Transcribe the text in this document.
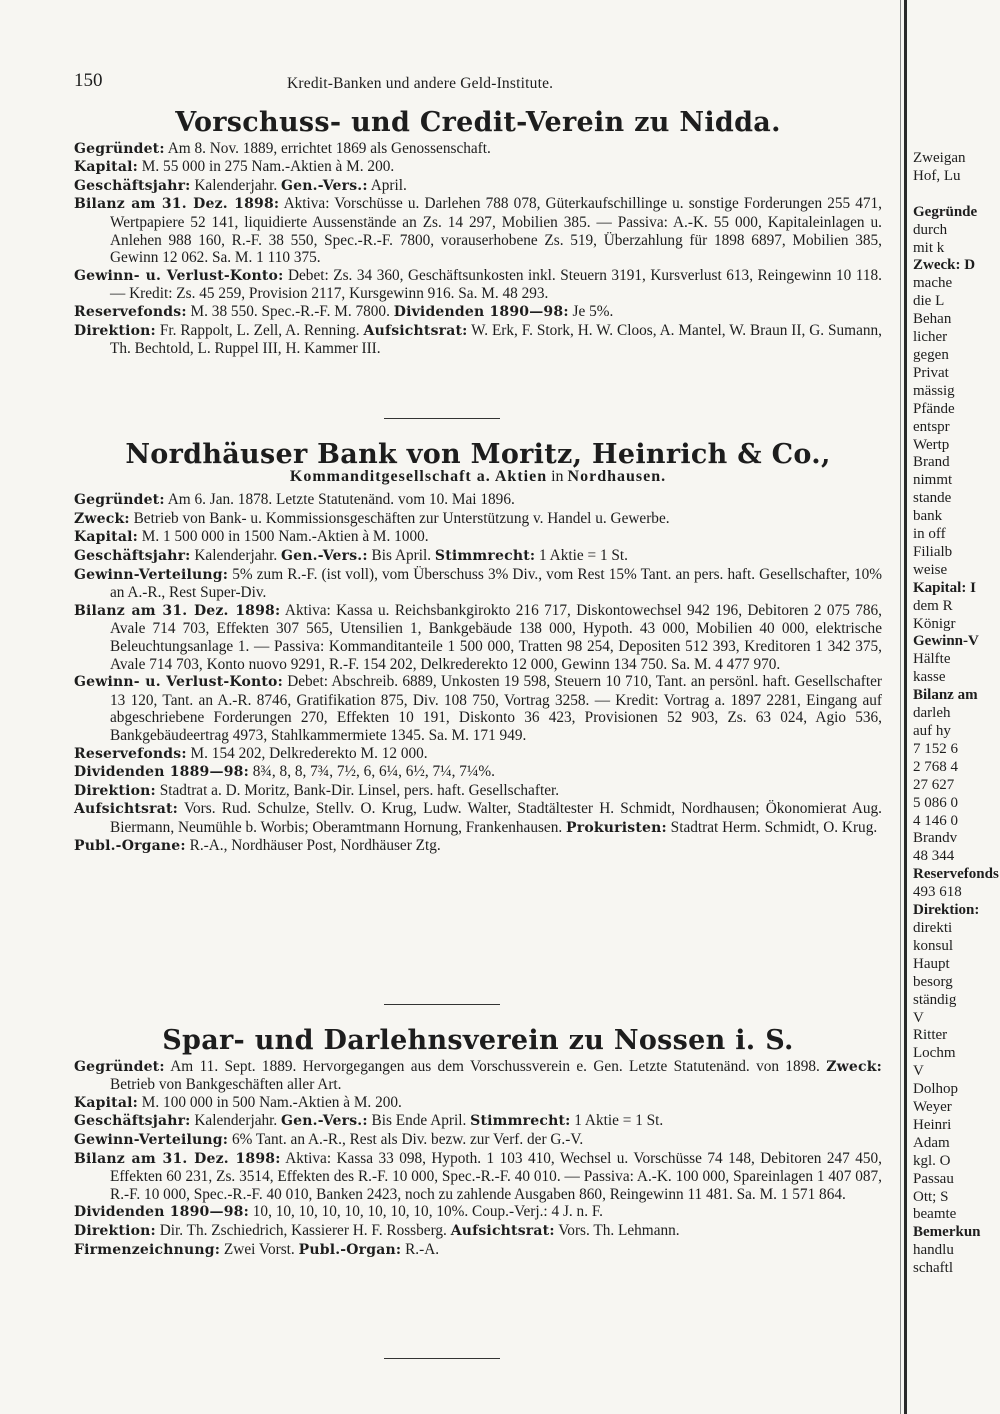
150	Kredit-Banken und andere Geld-Institute.
Vorschuss- und Credit-Verein zu Nidda.

Gegründet: Am 8. Nov. 1889, errichtet 1869 als Genossenschaft.

Kapital: M. 55 000 in 275 Nam.-Aktien à M. 200.

Geschäftsjahr: Kalenderjahr. Gen.-Vers.: April.

Bilanz am 31. Dez. 1898: Aktiva: Vorschüsse u. Darlehen 788 078, Güterkaufschillinge u. sonstige Forderungen 255 471, Wertpapiere 52 141, liquidierte Aussenstände an Zs. 14 297, Mobilien 385. — Passiva: A.-K. 55 000, Kapitaleinlagen u. Anlehen 988 160, R.-F. 38 550, Spec.-R.-F. 7800, vorauserhobene Zs. 519, Überzahlung für 1898 6897, Mobilien 385, Gewinn 12 062. Sa. M. 1 110 375.

Gewinn- u. Verlust-Konto: Debet: Zs. 34 360, Geschäftsunkosten inkl. Steuern 3191, Kursverlust 613, Reingewinn 10 118. — Kredit: Zs. 45 259, Provision 2117, Kursgewinn 916. Sa. M. 48 293.

Reservefonds: M. 38 550. Spec.-R.-F. M. 7800. Dividenden 1890—98: Je 5%.

Direktion: Fr. Rappolt, L. Zell, A. Renning. Aufsichtsrat: W. Erk, F. Stork, H. W. Cloos, A. Mantel, W. Braun II, G. Sumann, Th. Bechtold, L. Ruppel III, H. Kammer III.

Nordhäuser Bank von Moritz, Heinrich & Co.,
Kommanditgesellschaft a. Aktien in Nordhausen.

Gegründet: Am 6. Jan. 1878. Letzte Statutenänd. vom 10. Mai 1896.

Zweck: Betrieb von Bank- u. Kommissionsgeschäften zur Unterstützung v. Handel u. Gewerbe.

Kapital: M. 1 500 000 in 1500 Nam.-Aktien à M. 1000.

Geschäftsjahr: Kalenderjahr. Gen.-Vers.: Bis April. Stimmrecht: 1 Aktie = 1 St.

Gewinn-Verteilung: 5% zum R.-F. (ist voll), vom Überschuss 3% Div., vom Rest 15% Tant. an pers. haft. Gesellschafter, 10% an A.-R., Rest Super-Div.

Bilanz am 31. Dez. 1898: Aktiva: Kassa u. Reichsbankgirokto 216 717, Diskontowechsel 942 196, Debitoren 2 075 786, Avale 714 703, Effekten 307 565, Utensilien 1, Bankgebäude 138 000, Hypoth. 43 000, Mobilien 40 000, elektrische Beleuchtungsanlage 1. — Passiva: Kommanditanteile 1 500 000, Tratten 98 254, Depositen 512 393, Kreditoren 1 342 375, Avale 714 703, Konto nuovo 9291, R.-F. 154 202, Delkrederekto 12 000, Gewinn 134 750. Sa. M. 4 477 970.

Gewinn- u. Verlust-Konto: Debet: Abschreib. 6889, Unkosten 19 598, Steuern 10 710, Tant. an persönl. haft. Gesellschafter 13 120, Tant. an A.-R. 8746, Gratifikation 875, Div. 108 750, Vortrag 3258. — Kredit: Vortrag a. 1897 2281, Eingang auf abgeschriebene Forderungen 270, Effekten 10 191, Diskonto 36 423, Provisionen 52 903, Zs. 63 024, Agio 536, Bankgebäudeertrag 4973, Stahlkammermiete 1345. Sa. M. 171 949.

Reservefonds: M. 154 202, Delkrederekto M. 12 000.

Dividenden 1889—98: 8¾, 8, 8, 7¾, 7½, 6, 6¼, 6½, 7¼, 7¼%.

Direktion: Stadtrat a. D. Moritz, Bank-Dir. Linsel, pers. haft. Gesellschafter.

Aufsichtsrat: Vors. Rud. Schulze, Stellv. O. Krug, Ludw. Walter, Stadtältester H. Schmidt, Nordhausen; Ökonomierat Aug. Biermann, Neumühle b. Worbis; Oberamtmann Hornung, Frankenhausen. Prokuristen: Stadtrat Herm. Schmidt, O. Krug.

Publ.-Organe: R.-A., Nordhäuser Post, Nordhäuser Ztg.

Spar- und Darlehnsverein zu Nossen i. S.

Gegründet: Am 11. Sept. 1889. Hervorgegangen aus dem Vorschussverein e. Gen. Letzte Statutenänd. von 1898. Zweck: Betrieb von Bankgeschäften aller Art.

Kapital: M. 100 000 in 500 Nam.-Aktien à M. 200.

Geschäftsjahr: Kalenderjahr. Gen.-Vers.: Bis Ende April. Stimmrecht: 1 Aktie = 1 St.

Gewinn-Verteilung: 6% Tant. an A.-R., Rest als Div. bezw. zur Verf. der G.-V.

Bilanz am 31. Dez. 1898: Aktiva: Kassa 33 098, Hypoth. 1 103 410, Wechsel u. Vorschüsse 74 148, Debitoren 247 450, Effekten 60 231, Zs. 3514, Effekten des R.-F. 10 000, Spec.-R.-F. 40 010. — Passiva: A.-K. 100 000, Spareinlagen 1 407 087, R.-F. 10 000, Spec.-R.-F. 40 010, Banken 2423, noch zu zahlende Ausgaben 860, Reingewinn 11 481. Sa. M. 1 571 864.

Dividenden 1890—98: 10, 10, 10, 10, 10, 10, 10, 10, 10%. Coup.-Verj.: 4 J. n. F.

Direktion: Dir. Th. Zschiedrich, Kassierer H. F. Rossberg. Aufsichtsrat: Vors. Th. Lehmann.

Firmenzeichnung: Zwei Vorst. Publ.-Organ: R.-A.

Zweigan
Hof, Lu

Gegründe
durch
mit k
Zweck: D
mache
die L
Behan
licher
gegen
Privat
mässig
Pfände
entspr
Wertp
Brand
nimmt
stande
bank
in off
Filialb
weise
Kapital: I
dem R
Königr
Gewinn-V
Hälfte
kasse
Bilanz am
darleh
auf hy
7 152 6
2 768 4
27 627
5 086 0
4 146 0
Brandv
48 344
Reservefonds
493 618
Direktion:
direkti
konsul
Haupt
besorg
ständig
V
Ritter
Lochm
V
Dolhop
Weyer
Heinri
Adam
kgl. O
Passau
Ott; S
beamte
Bemerkun
handlu
schaftl
